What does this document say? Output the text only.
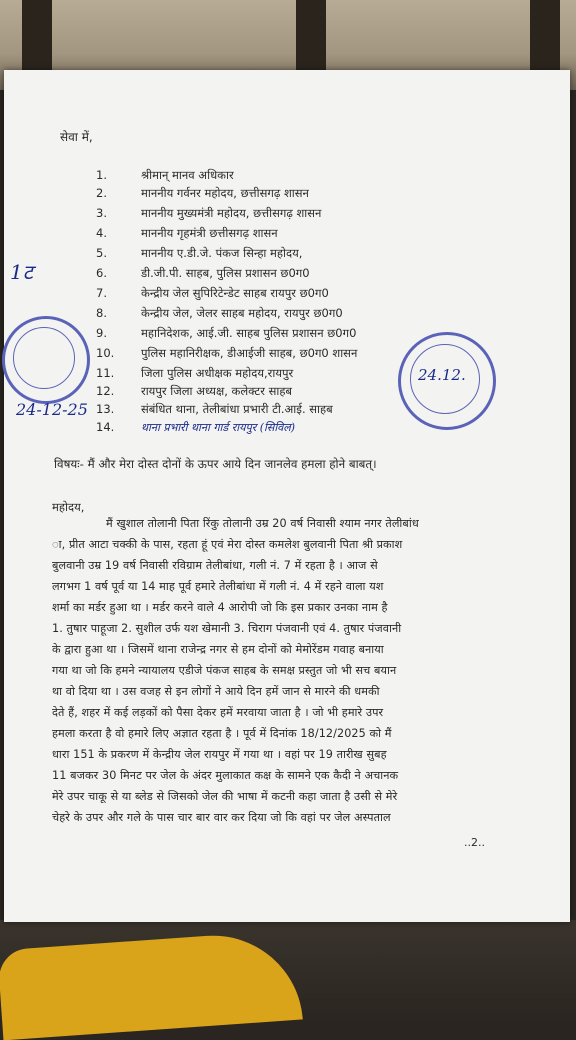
सेवा में,
1.	श्रीमान् मानव अधिकार
2.	माननीय गर्वनर महोदय, छत्तीसगढ़ शासन
3.	माननीय मुख्यमंत्री महोदय, छत्तीसगढ़ शासन
4.	माननीय गृहमंत्री छत्तीसगढ़ शासन
5.	माननीय ए.डी.जे. पंकज सिन्हा महोदय,
6.	डी.जी.पी. साहब, पुलिस प्रशासन छ0ग0
7.	केन्द्रीय जेल सुपिरिटेन्डेट साहब रायपुर छ0ग0
8.	केन्द्रीय जेल, जेलर साहब महोदय, रायपुर छ0ग0
9.	महानिदेशक, आई.जी. साहब पुलिस प्रशासन छ0ग0
10. पुलिस महानिरीक्षक, डीआईजी साहब, छ0ग0 शासन
11. जिला पुलिस अधीक्षक महोदय,रायपुर
12. रायपुर जिला अध्यक्ष, कलेक्टर साहब
13. संबंधित थाना, तेलीबांधा प्रभारी टी.आई. साहब
14. थाना प्रभारी थाना गार्ड रायपुर (सिविल)
1ट
24-12-25
24.12.
विषयः- मैं और मेरा दोस्त दोनों के ऊपर आये दिन जानलेव हमला होने बाबत्।
महोदय,
मैं खुशाल तोलानी पिता रिंकु तोलानी उम्र 20 वर्ष निवासी श्याम नगर तेलीबांध
ा, प्रीत आटा चक्की के पास, रहता हूं एवं मेरा दोस्त कमलेश बुलवानी पिता श्री प्रकाश
बुलवानी उम्र 19 वर्ष निवासी रविग्राम तेलीबांधा, गली नं. 7 में रहता है । आज से
लगभग 1 वर्ष पूर्व या 14 माह पूर्व हमारे तेलीबांधा में गली नं. 4 में रहने वाला यश
शर्मा का मर्डर हुआ था । मर्डर करने वाले 4 आरोपी जो कि इस प्रकार उनका नाम है
1. तुषार पाहूजा 2. सुशील उर्फ यश खेमानी 3. चिराग पंजवानी एवं 4. तुषार पंजवानी
के द्वारा हुआ था । जिसमें थाना राजेन्द्र नगर से हम दोनों को मेमोरेंडम गवाह बनाया
गया था जो कि हमने न्यायालय एडीजे पंकज साहब के समक्ष प्रस्तुत जो भी सच बयान
था वो दिया था । उस वजह से इन लोगों ने आये दिन हमें जान से मारने की धमकी
देते हैं, शहर में कई लड़कों को पैसा देकर हमें मरवाया जाता है । जो भी हमारे उपर
हमला करता है वो हमारे लिए अज्ञात रहता है । पूर्व में दिनांक 18/12/2025 को मैं
धारा 151 के प्रकरण में केन्द्रीय जेल रायपुर में गया था । वहां पर 19 तारीख सुबह
11 बजकर 30 मिनट पर जेल के अंदर मुलाकात कक्ष के सामने एक कैदी ने अचानक
मेरे उपर चाकू से या ब्लेड से जिसको जेल की भाषा में कटनी कहा जाता है उसी से मेरे
चेहरे के उपर और गले के पास चार बार वार कर दिया जो कि वहां पर जेल अस्पताल
..2..
